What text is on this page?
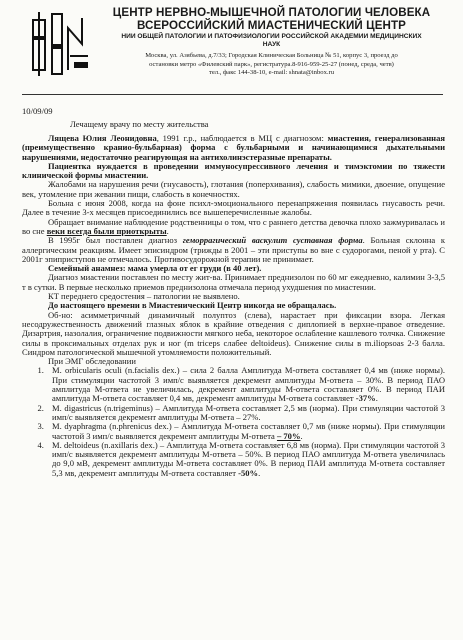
ЦЕНТР НЕРВНО-МЫШЕЧНОЙ ПАТОЛОГИИ ЧЕЛОВЕКА
ВСЕРОССИЙСКИЙ МИАСТЕНИЧЕСКИЙ ЦЕНТР
НИИ ОБЩЕЙ ПАТОЛОГИИ И ПАТОФИЗИОЛОГИИ РОССИЙСКОЙ АКАДЕМИИ МЕДИЦИНСКИХ
НАУК
Москва, ул. Азябьева, д.7/33; Городская Клиническая Больница № 51, корпус 3, проезд до
остановки метро «Филевский парк», регистратура.8-916-959-25-27 (понед, среда, четв)
тел., факс 144-38-10, e-mail: shnata@inbox.ru
10/09/09
Лечащему врачу по месту жительства

Лящева Юлия Леонидовна, 1991 г.р., наблюдается в МЦ с диагнозом: миастения, генерализованная (преимущественно кранио-бульбарная) форма с бульбарными и начинающимися дыхательными нарушениями, недостаточно реагирующая на антихолинэстеразные препараты.

Пациентка нуждается в проведении иммуносупрессивного лечения и тимэктомии по тяжести клинической формы миастении.

Жалобами на нарушения речи (гнусавость), глотания (поперхивания), слабость мимики, двоение, опущение век, утомление при жевании пищи, слабость в конечностях.

Больна с июня 2008, когда на фоне психл-эмоционального перенапряжения появилась гнусавость речи. Далее в течение 3-х месяцев присоединились все вышеперечисленные жалобы.

Обращает внимание наблюдение родственницы о том, что с раннего детства девочка плохо зажмуривалась и во сне веки всегда были приоткрыты.

В 1995г был поставлен диагноз геморрагический васкулит суставная форма. Больная склонна к аллергическим реакциям. Имеет эписиндром (трижды в 2001 – эти приступы во вне с судорогами, пеной у рта). С 2001г эпиприступов не отмечалось. Противосудорожной терапии не принимает.

Семейный анамнез: мама умерла от ег груди (в 40 лет).

Диагноз миастении поставлен по месту жит-ва. Принимает преднизолон по 60 мг ежедневно, калимин 3-3,5 т в сутки. В первые несколько приемов преднизолона отмечала период ухудшения по миастении.

КТ переднего средостения – патологии не выявлено.

До настоящего времени в Миастенический Центр никогда не обращалась.

Об-но: асимметричный динамичный полуптоз (слева), нарастает при фиксации взора. Легкая несодружественность движений глазных яблок в крайние отведения с диплопией в верхне-правое отведение. Дизартрия, назолалия, ограничение подвижности мягкого неба, некоторое ослабление кашлевого толчка. Снижение силы в проксимальных отделах рук и ног (m triceps слабее deltoideus). Снижение силы в m.iliopsoas 2-3 балла. Синдром патологической мышечной утомляемости положительный.

При ЭМГ обследовании

1. M. orbicularis oculi (n.facialis dex.) – сила 2 балла Амплитуда М-ответа составляет 0,4 мв (ниже нормы). При стимуляции частотой 3 имп/с выявляется декремент амплитуды М-ответа – 30%. В период ПАО амплитуда М-ответа не увеличилась, декремент амплитуды М-ответа составляет 0%. В период ПАИ амплитуда М-ответа составляет 0,4 мв, декремент амплитуды М-ответа составляет -37%.
2. M. digastricus (n.trigeminus) – Амплитуда М-ответа составляет 2,5 мв (норма). При стимуляции частотой 3 имп/с выявляется декремент амплитуды М-ответа – 27%.
3. M. dyaphragma (n.phrenicus dex.) – Амплитуда М-ответа составляет 0,7 мв (ниже нормы). При стимуляции частотой 3 имп/с выявляется декремент амплитуды М-ответа – 70%.
4. M. deltoideus (n.axillaris dex.) – Амплитуда М-ответа составляет 6,8 мв (норма). При стимуляции частотой 3 имп/с выявляется декремент амплитуды М-ответа – 50%. В период ПАО амплитуда М-ответа увеличилась до 9,0 мВ, декремент амплитуды М-ответа составляет 0%. В период ПАИ амплитуда М-ответа составляет 5,3 мв, декремент амплитуды М-ответа составляет -50%.
